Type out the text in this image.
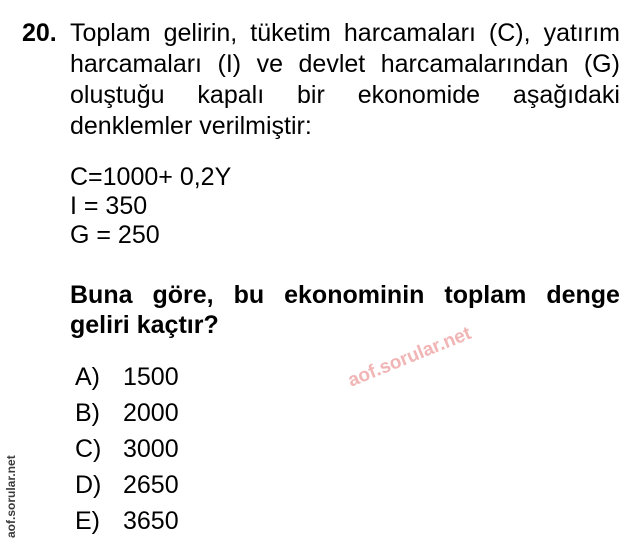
20. Toplam gelirin, tüketim harcamaları (C), yatırım
harcamaları (I) ve devlet harcamalarından (G)
oluştuğu kapalı bir ekonomide aşağıdaki
denklemler verilmiştir:
C=1000+ 0,2Y
I = 350
G = 250
Buna göre, bu ekonominin toplam denge
geliri kaçtır?
A) 1500
B) 2000
C) 3000
D) 2650
E) 3650
aof.sorular.net
aof.sorular.net
